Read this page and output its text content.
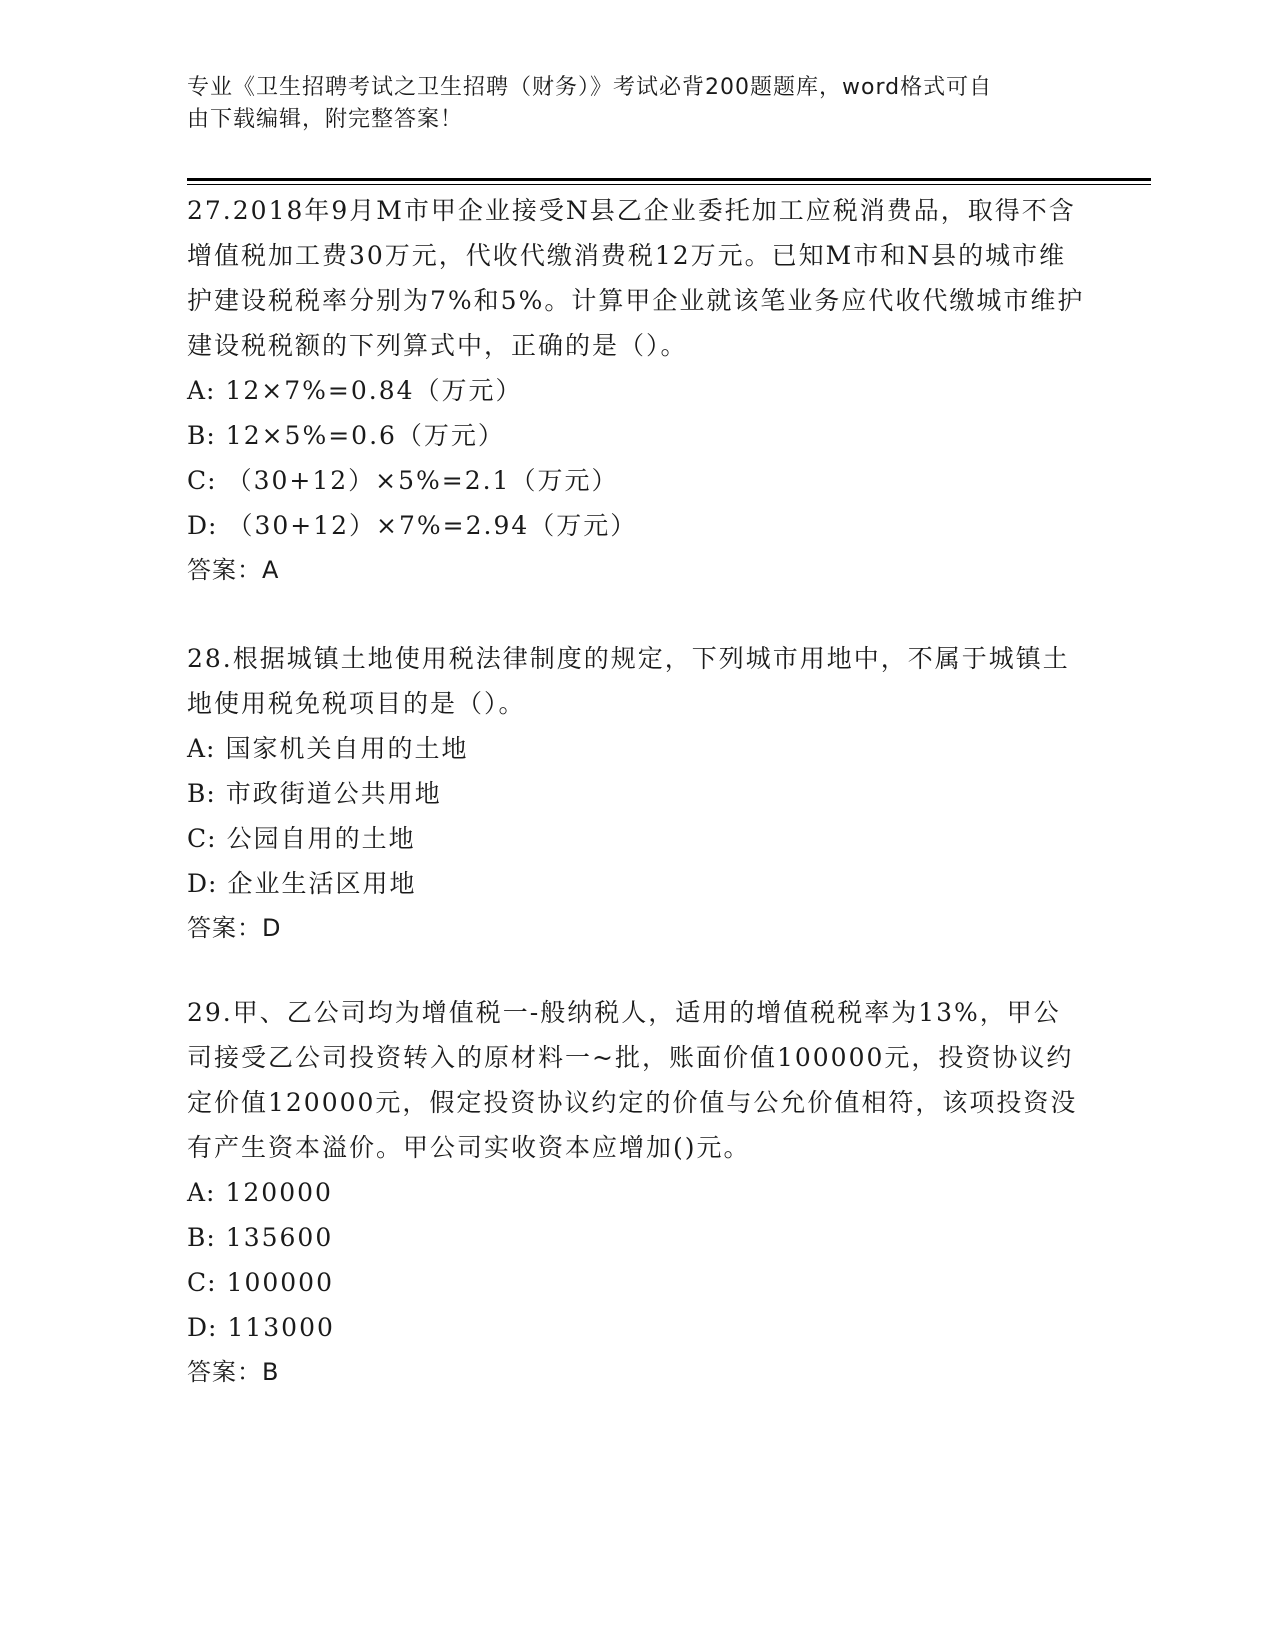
专业《卫生招聘考试之卫生招聘（财务）》考试必背200题题库，word格式可自
由下载编辑，附完整答案！

27.2018年9月M市甲企业接受N县乙企业委托加工应税消费品，取得不含增值税加工费30万元，代收代缴消费税12万元。已知M市和N县的城市维护建设税税率分别为7%和5%。计算甲企业就该笔业务应代收代缴城市维护建设税税额的下列算式中，正确的是（）。

A: 12×7%=0.84（万元）

B: 12×5%=0.6（万元）

C: （30+12）×5%=2.1（万元）

D: （30+12）×7%=2.94（万元）

答案：A

28.根据城镇土地使用税法律制度的规定，下列城市用地中，不属于城镇土地使用税免税项目的是（）。

A: 国家机关自用的土地

B: 市政街道公共用地

C: 公园自用的土地

D: 企业生活区用地

答案：D

29.甲、乙公司均为增值税一-般纳税人，适用的增值税税率为13%，甲公司接受乙公司投资转入的原材料一~批，账面价值100000元，投资协议约定价值120000元，假定投资协议约定的价值与公允价值相符，该项投资没有产生资本溢价。甲公司实收资本应增加()元。

A: 120000

B: 135600

C: 100000

D: 113000

答案：B
